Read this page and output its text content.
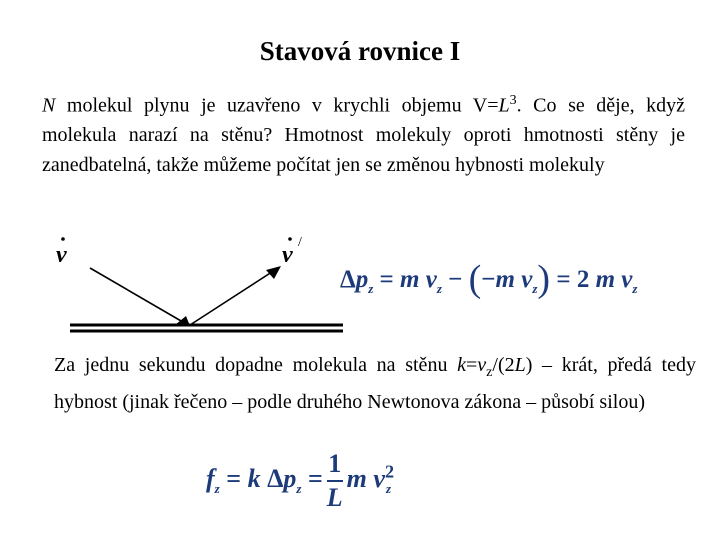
Stavová rovnice I
N molekul plynu je uzavřeno v krychli objemu $V=L^3$. Co se děje, když molekula narazí na stěnu? Hmotnost molekuly oproti hmotnosti stěny je zanedbatelná, takže můžeme počítat jen se změnou hybnosti molekuly
v	v /
$\Delta p_z = m$ $v_z - (-m$ $v_z) = 2$ m $v_z$
Za jednu sekundu dopadne molekula na stěnu $k=v_z/(2L)$ – krát, předá tedy hybnost (jinak řečeno – podle druhého Newtonova zákona – působí silou)
$f_z = k$ $\Delta p_z = \frac{1}{L}$ m $v^2_z$
